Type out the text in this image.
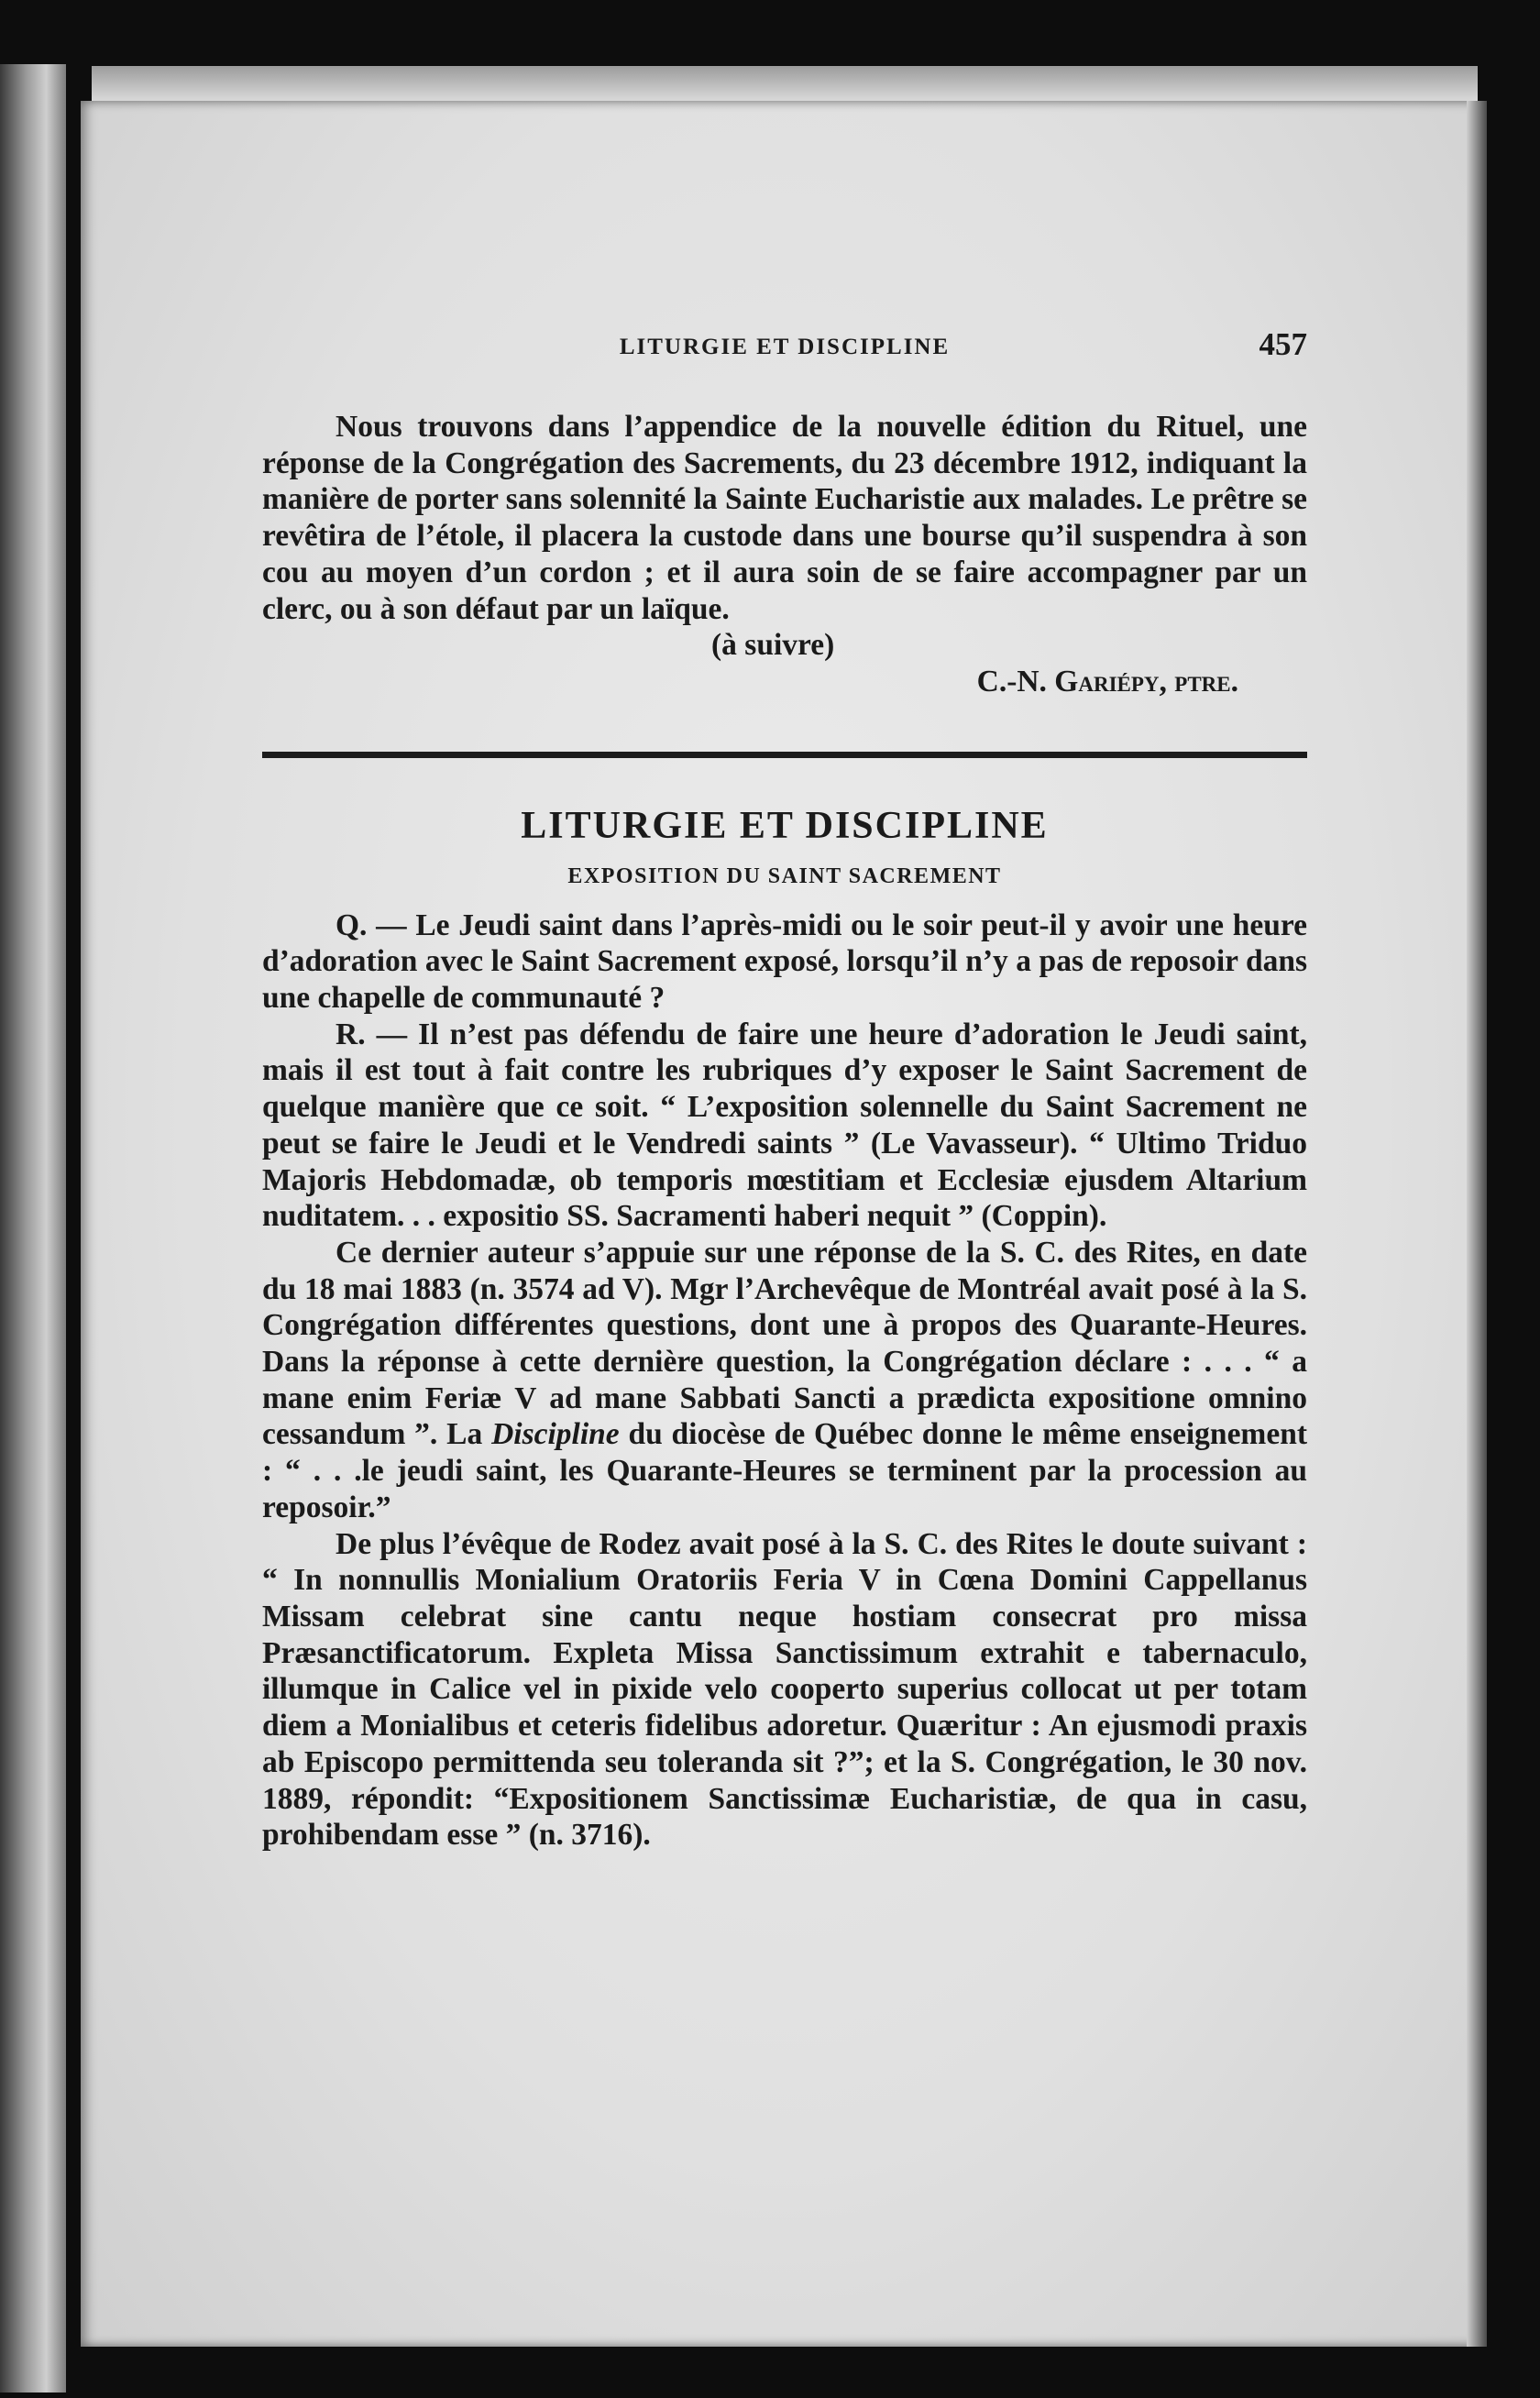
LITURGIE ET DISCIPLINE	457

Nous trouvons dans l’appendice de la nouvelle édition du Rituel, une réponse de la Congrégation des Sacrements, du 23 décembre 1912, indiquant la manière de porter sans solennité la Sainte Eucharistie aux malades. Le prêtre se revêtira de l’étole, il placera la custode dans une bourse qu’il suspendra à son cou au moyen d’un cordon ; et il aura soin de se faire accompagner par un clerc, ou à son défaut par un laïque.

(à suivre)

C.-N. Gariépy, ptre.

LITURGIE ET DISCIPLINE
EXPOSITION DU SAINT SACREMENT

Q. — Le Jeudi saint dans l’après-midi ou le soir peut-il y avoir une heure d’adoration avec le Saint Sacrement exposé, lorsqu’il n’y a pas de reposoir dans une chapelle de communauté ?

R. — Il n’est pas défendu de faire une heure d’adoration le Jeudi saint, mais il est tout à fait contre les rubriques d’y exposer le Saint Sacrement de quelque manière que ce soit. “ L’exposition solennelle du Saint Sacrement ne peut se faire le Jeudi et le Vendredi saints ” (Le Vavasseur). “ Ultimo Triduo Majoris Hebdomadæ, ob temporis mœstitiam et Ecclesiæ ejusdem Altarium nuditatem. . . expositio SS. Sacramenti haberi nequit ” (Coppin).

Ce dernier auteur s’appuie sur une réponse de la S. C. des Rites, en date du 18 mai 1883 (n. 3574 ad V). Mgr l’Archevêque de Montréal avait posé à la S. Congrégation différentes questions, dont une à propos des Quarante-Heures. Dans la réponse à cette dernière question, la Congrégation déclare : . . . “ a mane enim Feriæ V ad mane Sabbati Sancti a prædicta expositione omnino cessandum ”. La Discipline du diocèse de Québec donne le même enseignement : “ . . .le jeudi saint, les Quarante-Heures se terminent par la procession au reposoir.”

De plus l’évêque de Rodez avait posé à la S. C. des Rites le doute suivant : “ In nonnullis Monialium Oratoriis Feria V in Cœna Domini Cappellanus Missam celebrat sine cantu neque hostiam consecrat pro missa Præsanctificatorum. Expleta Missa Sanctissimum extrahit e tabernaculo, illumque in Calice vel in pixide velo cooperto superius collocat ut per totam diem a Monialibus et ceteris fidelibus adoretur. Quæritur : An ejusmodi praxis ab Episcopo permittenda seu toleranda sit ?”; et la S. Congrégation, le 30 nov. 1889, répondit: “Expositionem Sanctissimæ Eucharistiæ, de qua in casu, prohibendam esse ” (n. 3716).
